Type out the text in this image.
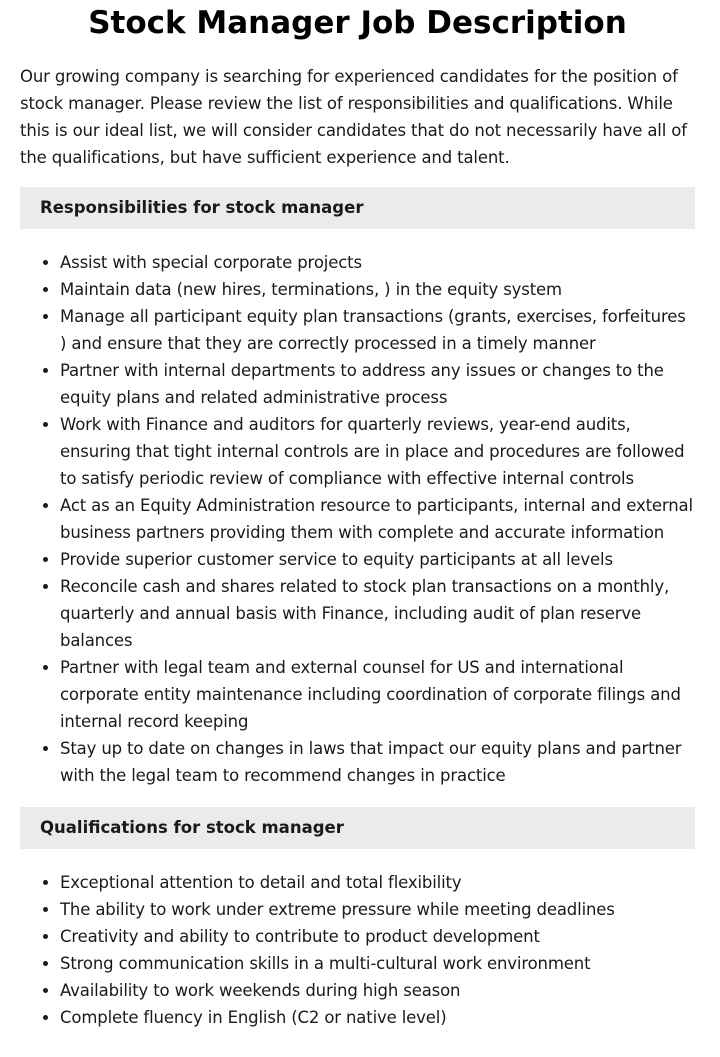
Stock Manager Job Description

Our growing company is searching for experienced candidates for the position of stock manager. Please review the list of responsibilities and qualifications. While this is our ideal list, we will consider candidates that do not necessarily have all of the qualifications, but have sufficient experience and talent.

Responsibilities for stock manager
Assist with special corporate projects
Maintain data (new hires, terminations, ) in the equity system
Manage all participant equity plan transactions (grants, exercises, forfeitures ) and ensure that they are correctly processed in a timely manner
Partner with internal departments to address any issues or changes to the equity plans and related administrative process
Work with Finance and auditors for quarterly reviews, year-end audits, ensuring that tight internal controls are in place and procedures are followed to satisfy periodic review of compliance with effective internal controls
Act as an Equity Administration resource to participants, internal and external business partners providing them with complete and accurate information
Provide superior customer service to equity participants at all levels
Reconcile cash and shares related to stock plan transactions on a monthly, quarterly and annual basis with Finance, including audit of plan reserve balances
Partner with legal team and external counsel for US and international corporate entity maintenance including coordination of corporate filings and internal record keeping
Stay up to date on changes in laws that impact our equity plans and partner with the legal team to recommend changes in practice
Qualifications for stock manager
Exceptional attention to detail and total flexibility
The ability to work under extreme pressure while meeting deadlines
Creativity and ability to contribute to product development
Strong communication skills in a multi-cultural work environment
Availability to work weekends during high season
Complete fluency in English (C2 or native level)
